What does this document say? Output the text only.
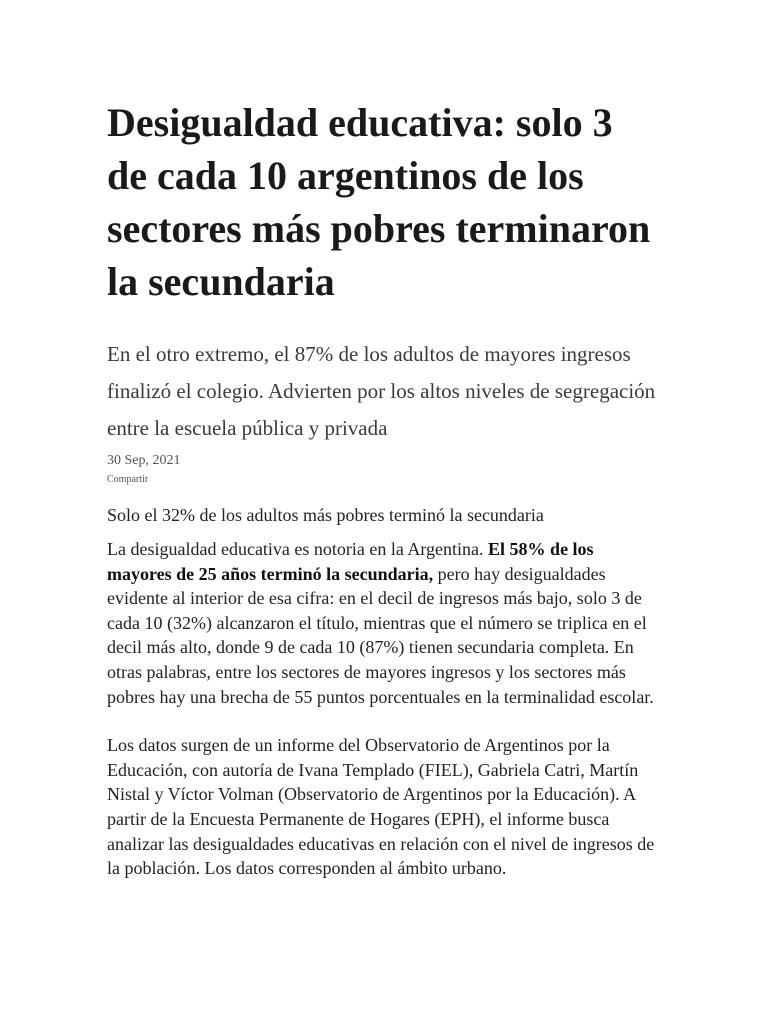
Desigualdad educativa: solo 3 de cada 10 argentinos de los sectores más pobres terminaron la secundaria

En el otro extremo, el 87% de los adultos de mayores ingresos finalizó el colegio. Advierten por los altos niveles de segregación entre la escuela pública y privada

30 Sep, 2021
Compartir

Solo el 32% de los adultos más pobres terminó la secundaria

La desigualdad educativa es notoria en la Argentina. El 58% de los mayores de 25 años terminó la secundaria, pero hay desigualdades evidente al interior de esa cifra: en el decil de ingresos más bajo, solo 3 de cada 10 (32%) alcanzaron el título, mientras que el número se triplica en el decil más alto, donde 9 de cada 10 (87%) tienen secundaria completa. En otras palabras, entre los sectores de mayores ingresos y los sectores más pobres hay una brecha de 55 puntos porcentuales en la terminalidad escolar.

Los datos surgen de un informe del Observatorio de Argentinos por la Educación, con autoría de Ivana Templado (FIEL), Gabriela Catri, Martín Nistal y Víctor Volman (Observatorio de Argentinos por la Educación). A partir de la Encuesta Permanente de Hogares (EPH), el informe busca analizar las desigualdades educativas en relación con el nivel de ingresos de la población. Los datos corresponden al ámbito urbano.
